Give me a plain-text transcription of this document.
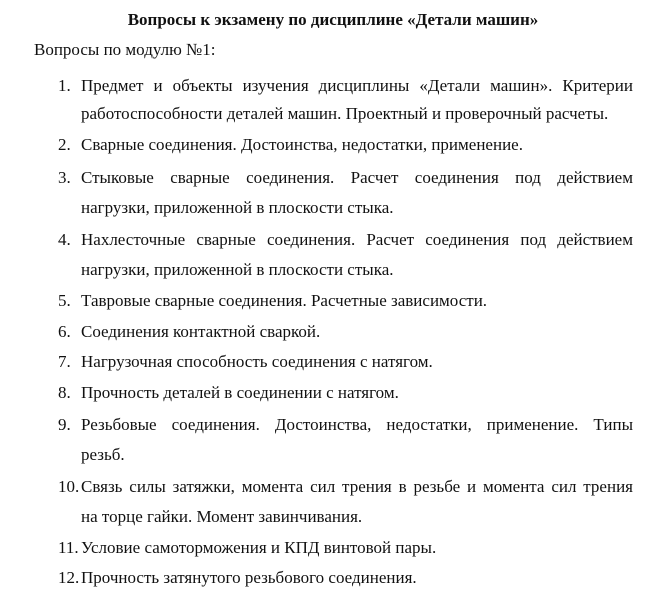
Вопросы к экзамену по дисциплине «Детали машин»
Вопросы по модулю №1:
1. Предмет и объекты изучения дисциплины «Детали машин». Критерии
работоспособности деталей машин. Проектный и проверочный расчеты.
2. Сварные соединения. Достоинства, недостатки, применение.
3. Стыковые сварные соединения. Расчет соединения под действием
нагрузки, приложенной в плоскости стыка.
4. Нахлесточные сварные соединения. Расчет соединения под действием
нагрузки, приложенной в плоскости стыка.
5. Тавровые сварные соединения. Расчетные зависимости.
6. Соединения контактной сваркой.
7. Нагрузочная способность соединения с натягом.
8. Прочность деталей в соединении с натягом.
9. Резьбовые соединения. Достоинства, недостатки, применение. Типы
резьб.
10. Связь силы затяжки, момента сил трения в резьбе и момента сил трения
на торце гайки. Момент завинчивания.
11. Условие самоторможения и КПД винтовой пары.
12. Прочность затянутого резьбового соединения.
